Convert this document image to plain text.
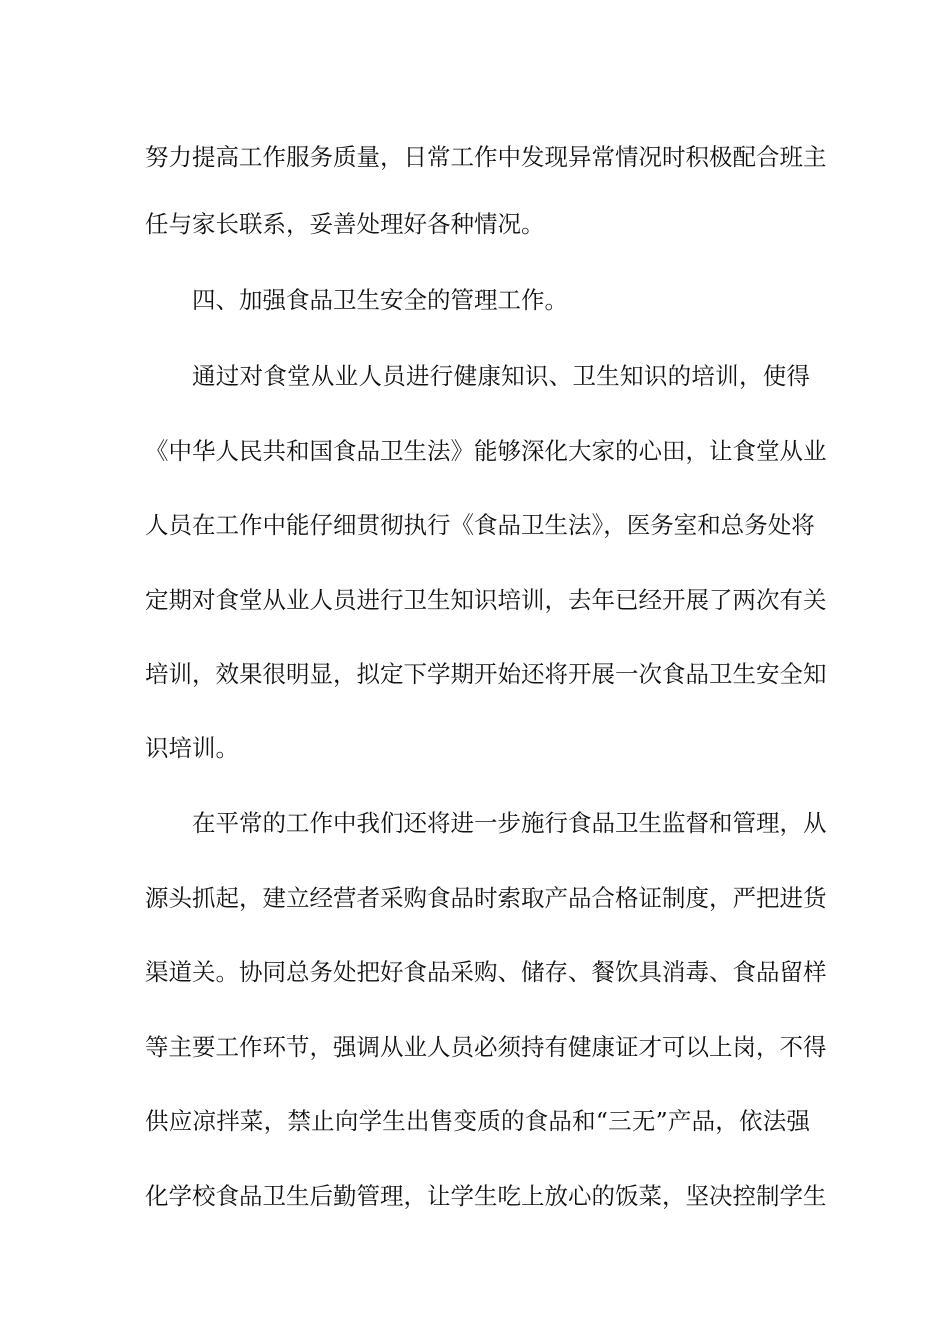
努力提高工作服务质量，日常工作中发现异常情况时积极配合班主
任与家长联系，妥善处理好各种情况。
四、加强食品卫生安全的管理工作。
通过对食堂从业人员进行健康知识、卫生知识的培训，使得
《中华人民共和国食品卫生法》能够深化大家的心田，让食堂从业
人员在工作中能仔细贯彻执行《食品卫生法》，医务室和总务处将
定期对食堂从业人员进行卫生知识培训，去年已经开展了两次有关
培训，效果很明显，拟定下学期开始还将开展一次食品卫生安全知
识培训。
在平常的工作中我们还将进一步施行食品卫生监督和管理，从
源头抓起，建立经营者采购食品时索取产品合格证制度，严把进货
渠道关。协同总务处把好食品采购、储存、餐饮具消毒、食品留样
等主要工作环节，强调从业人员必须持有健康证才可以上岗，不得
供应凉拌菜，禁止向学生出售变质的食品和“三无”产品，依法强
化学校食品卫生后勤管理，让学生吃上放心的饭菜，坚决控制学生
